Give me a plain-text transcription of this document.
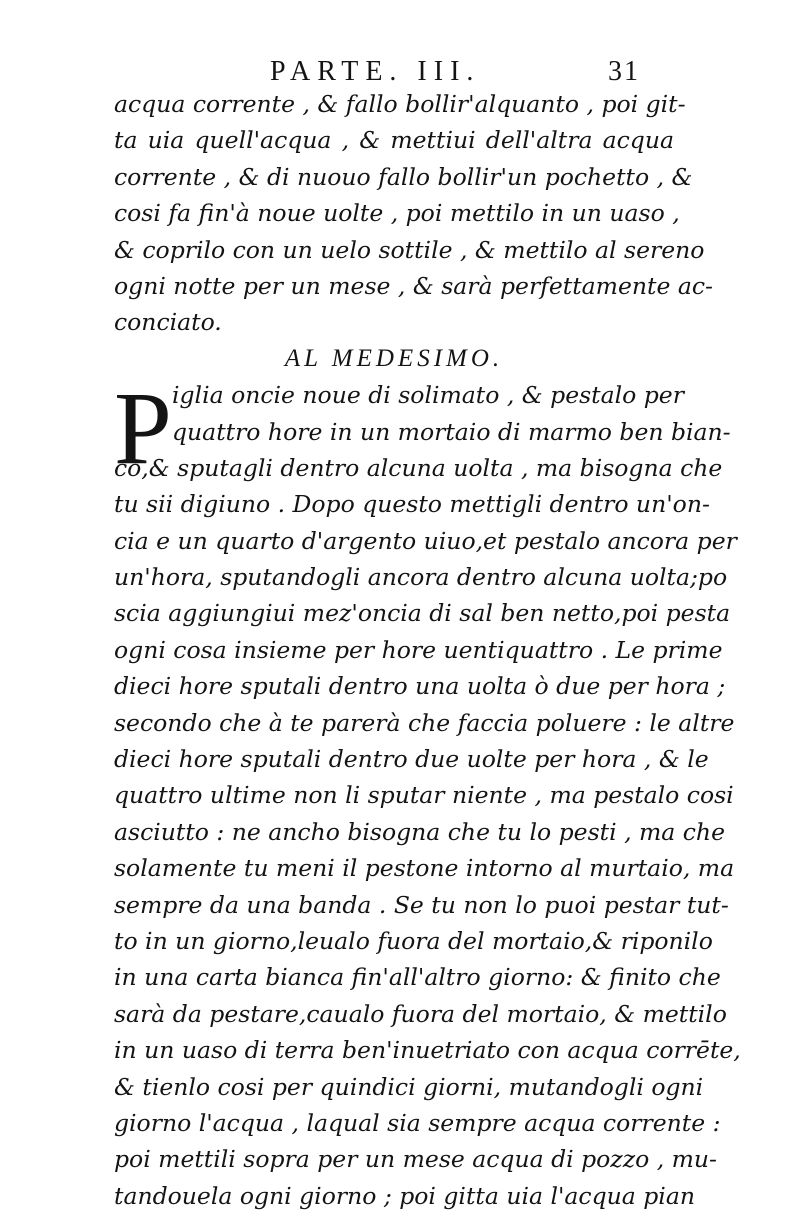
PARTE. III.	31
acqua corrente , & fallo bollir'alquanto , poi git-
ta uia quell'acqua , & mettiui dell'altra acqua
corrente , & di nuouo fallo bollir'un pochetto , &
cosi fa fin'à noue uolte , poi mettilo in un uaso ,
& coprilo con un uelo sottile , & mettilo al sereno
ogni notte per un mese , & sarà perfettamente ac-
conciato.
AL MEDESIMO.
P iglia oncie noue di solimato , & pestalo per
quattro hore in un mortaio di marmo ben bian-
co,& sputagli dentro alcuna uolta , ma bisogna che
tu sii digiuno . Dopo questo mettigli dentro un'on-
cia e un quarto d'argento uiuo,et pestalo ancora per
un'hora, sputandogli ancora dentro alcuna uolta;po
scia aggiungiui mez'oncia di sal ben netto,poi pesta
ogni cosa insieme per hore uentiquattro . Le prime
dieci hore sputali dentro una uolta ò due per hora ;
secondo che à te parerà che faccia poluere : le altre
dieci hore sputali dentro due uolte per hora , & le
quattro ultime non li sputar niente , ma pestalo cosi
asciutto : ne ancho bisogna che tu lo pesti , ma che
solamente tu meni il pestone intorno al murtaio, ma
sempre da una banda . Se tu non lo puoi pestar tut-
to in un giorno,leualo fuora del mortaio,& riponilo
in una carta bianca fin'all'altro giorno: & finito che
sarà da pestare,caualo fuora del mortaio, & mettilo
in un uaso di terra ben'inuetriato con acqua corrēte,
& tienlo cosi per quindici giorni, mutandogli ogni
giorno l'acqua , laqual sia sempre acqua corrente :
poi mettili sopra per un mese acqua di pozzo , mu-
tandouela ogni giorno ; poi gitta uia l'acqua pian
